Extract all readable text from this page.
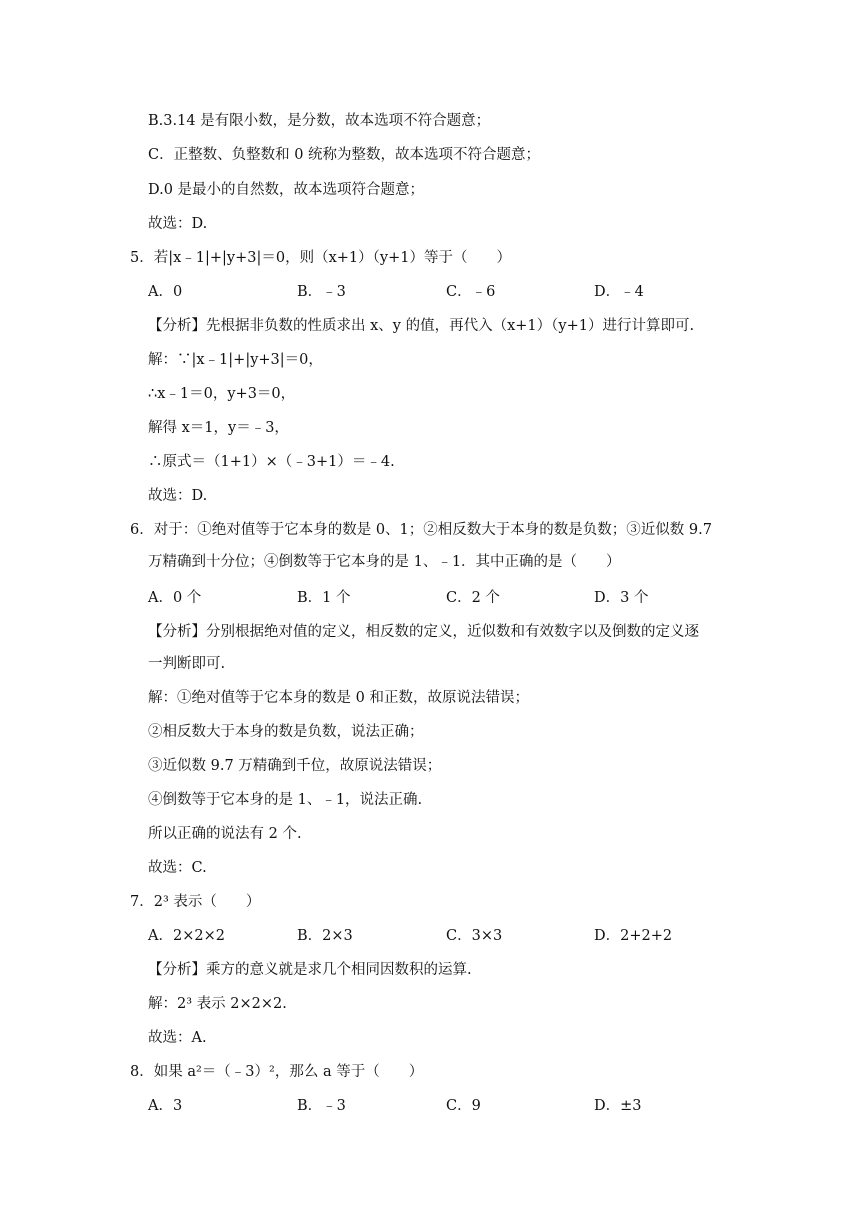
B.3.14 是有限小数，是分数，故本选项不符合题意；
C．正整数、负整数和 0 统称为整数，故本选项不符合题意；
D.0 是最小的自然数，故本选项符合题意；
故选：D.
5．若|x﹣1|+|y+3|＝0，则（x+1）（y+1）等于（　　）
A．0	B．﹣3	C．﹣6	D．﹣4
【分析】先根据非负数的性质求出 x、y 的值，再代入（x+1）（y+1）进行计算即可.
解：∵|x﹣1|+|y+3|＝0，
∴x﹣1＝0，y+3＝0，
解得 x＝1，y＝﹣3，
∴原式＝（1+1）×（﹣3+1）＝﹣4.
故选：D.
6．对于：①绝对值等于它本身的数是 0、1；②相反数大于本身的数是负数；③近似数 9.7
万精确到十分位；④倒数等于它本身的是 1、﹣1．其中正确的是（　　）
A．0 个	B．1 个	C．2 个	D．3 个
【分析】分别根据绝对值的定义，相反数的定义，近似数和有效数字以及倒数的定义逐
一判断即可.
解：①绝对值等于它本身的数是 0 和正数，故原说法错误；
②相反数大于本身的数是负数，说法正确；
③近似数 9.7 万精确到千位，故原说法错误；
④倒数等于它本身的是 1、﹣1，说法正确.
所以正确的说法有 2 个.
故选：C.
7．2³ 表示（　　）
A．2×2×2	B．2×3	C．3×3	D．2+2+2
【分析】乘方的意义就是求几个相同因数积的运算.
解：2³ 表示 2×2×2.
故选：A.
8．如果 a²＝（﹣3）²，那么 a 等于（　　）
A．3	B．﹣3	C．9	D．±3
